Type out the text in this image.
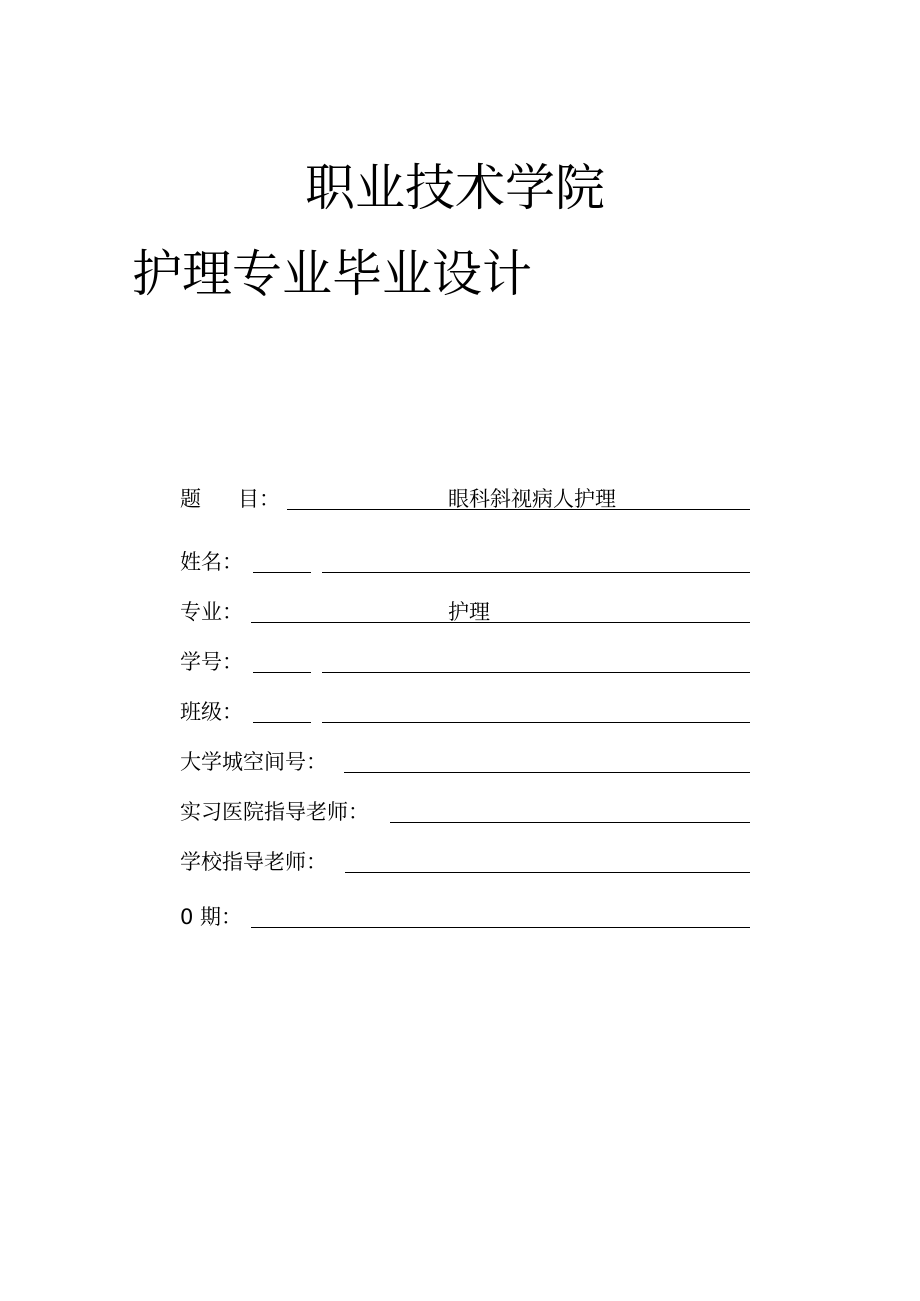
职业技术学院
护理专业毕业设计
题 目：	眼科斜视病人护理
姓名：
专业：	护理
学号：
班级：
大学城空间号：
实习医院指导老师：
学校指导老师：
0 期：
